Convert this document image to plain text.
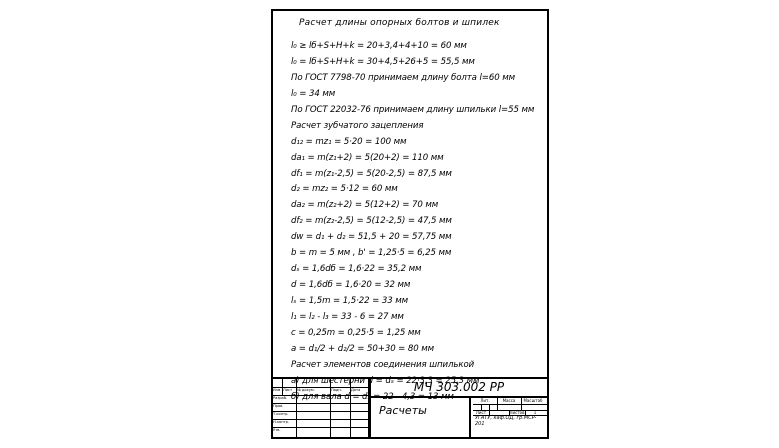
Расчет длины опорных болтов и шпилек
l₀ ≥ lб+S+H+k = 20+3,4+4+10 = 60 мм
l₀ = lб+S+H+k = 30+4,5+26+5 = 55,5 мм
По ГОСТ 7798-70 принимаем длину болта l=60 мм
l₀ = 34 мм
По ГОСТ 22032-76 принимаем длину шпильки l=55 мм
Расчет зубчатого зацепления
d₁₂ = mz₁ = 5·20 = 100 мм
dа₁ = m(z₁+2) = 5(20+2) = 110 мм
df₁ = m(z₁-2,5) = 5(20-2,5) = 87,5 мм
d₂ = mz₂ = 5·12 = 60 мм
dа₂ = m(z₂+2) = 5(12+2) = 70 мм
df₂ = m(z₂-2,5) = 5(12-2,5) = 47,5 мм
dw = d₁ + d₂ = 51,5 + 20 = 57,75 мм
b = m = 5 мм , b' = 1,25·5 = 6,25 мм
dₛ = 1,6dб = 1,6·22 = 35,2 мм
d = 1,6dб = 1,6·20 = 32 мм
lₛ = 1,5m = 1,5·22 = 33 мм
l₁ = l₂ - l₃ = 33 - 6 = 27 мм
c = 0,25m = 0,25·5 = 1,25 мм
а = d₁/2 + d₂/2 = 50+30 = 80 мм
Расчет элементов соединения шпилькой
а) для шестерни d = dₛ = 22·3,3 = 25,3 мм
б) для вала d = dₛ = 22 - 4,3 = 13 мм
Изм Лист	№ докум.	Подп.	Дата
Разраб.
Пров.
Т.контр.
Н.контр.
Утв.
МЧ 303.002 РР
Расчеты
Лит.	Масса	Масштаб
Лист	Листов	1
УГАТУ, каф.ОД, гр.MCP-201
